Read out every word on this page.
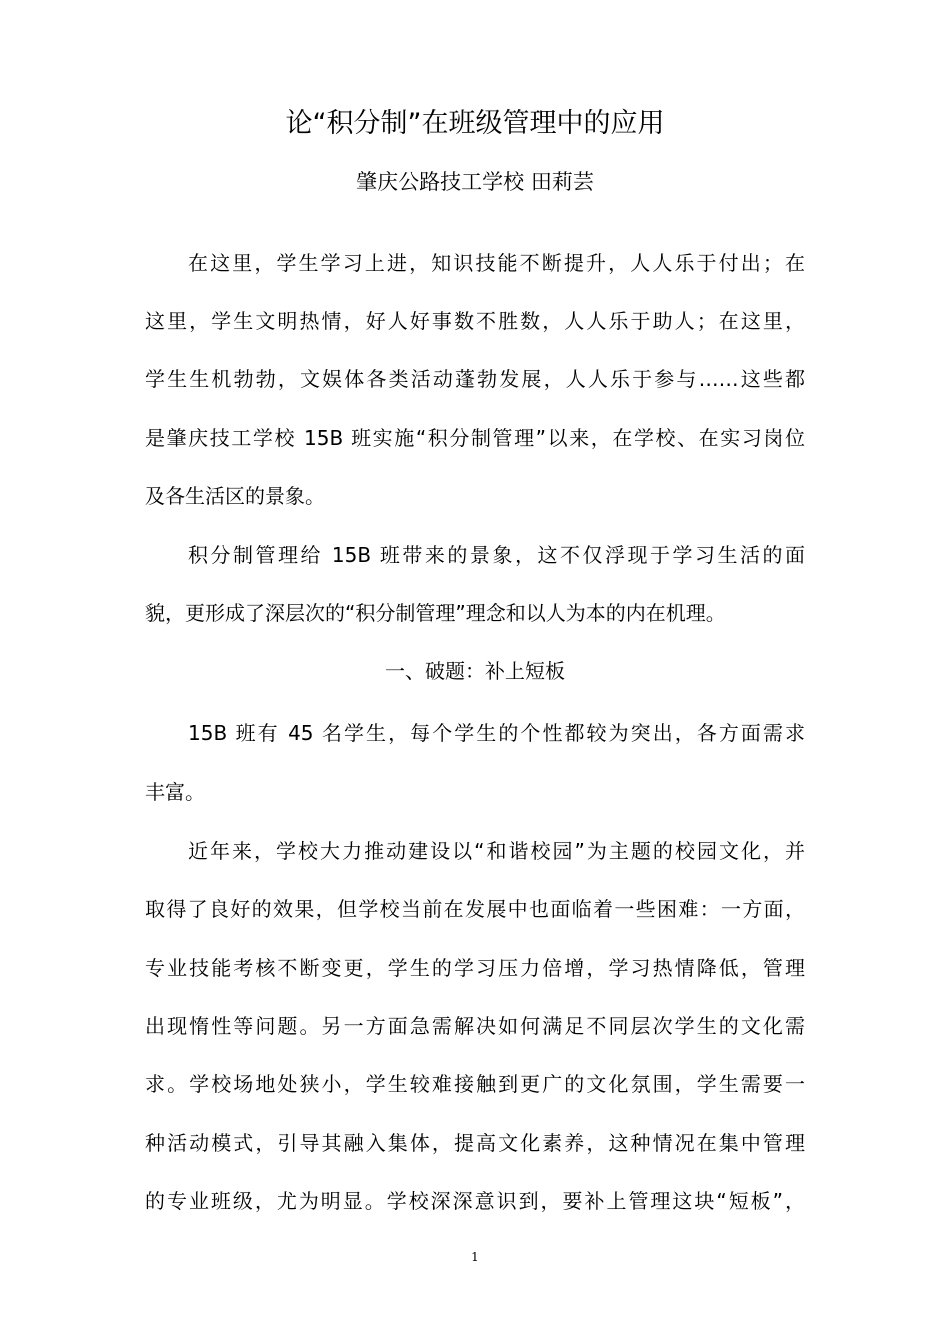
论“积分制”在班级管理中的应用
肇庆公路技工学校 田莉芸
在这里，学生学习上进，知识技能不断提升，人人乐于付出；在
这里，学生文明热情，好人好事数不胜数，人人乐于助人；在这里，
学生生机勃勃，文娱体各类活动蓬勃发展，人人乐于参与……这些都
是肇庆技工学校 15B 班实施“积分制管理”以来，在学校、在实习岗位
及各生活区的景象。
积分制管理给 15B 班带来的景象，这不仅浮现于学习生活的面
貌，更形成了深层次的“积分制管理”理念和以人为本的内在机理。
一、破题：补上短板
15B 班有 45 名学生，每个学生的个性都较为突出，各方面需求
丰富。
近年来，学校大力推动建设以“和谐校园”为主题的校园文化，并
取得了良好的效果，但学校当前在发展中也面临着一些困难：一方面，
专业技能考核不断变更，学生的学习压力倍增，学习热情降低，管理
出现惰性等问题。另一方面急需解决如何满足不同层次学生的文化需
求。学校场地处狭小，学生较难接触到更广的文化氛围，学生需要一
种活动模式，引导其融入集体，提高文化素养，这种情况在集中管理
的专业班级，尤为明显。学校深深意识到，要补上管理这块“短板”，
1
